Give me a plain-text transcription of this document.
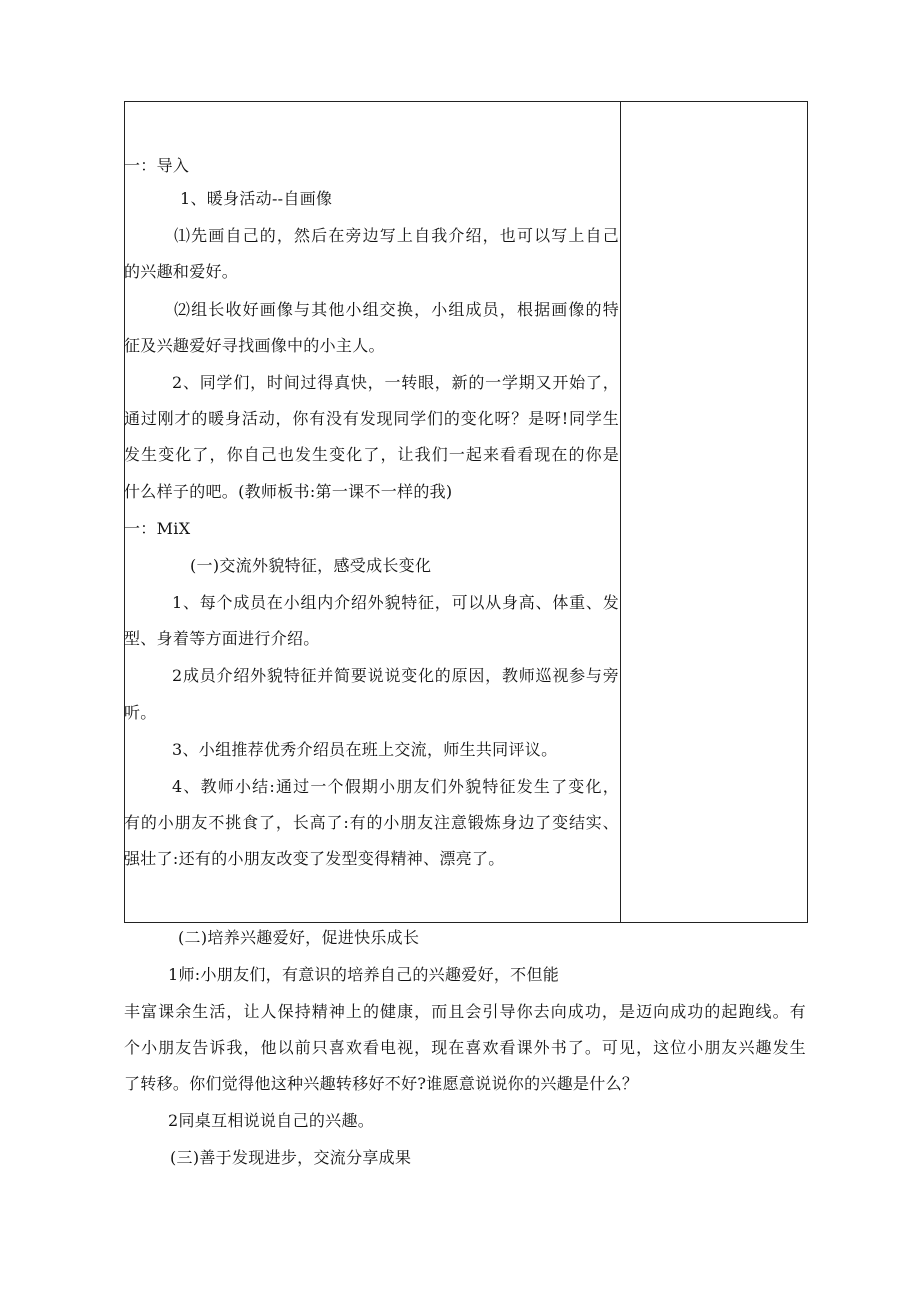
一：导入
1、暖身活动--自画像
⑴先画自己的，然后在旁边写上自我介绍，也可以写上自己
的兴趣和爱好。
⑵组长收好画像与其他小组交换，小组成员，根据画像的特
征及兴趣爱好寻找画像中的小主人。
2、同学们，时间过得真快，一转眼，新的一学期又开始了，
通过刚才的暖身活动，你有没有发现同学们的变化呀？是呀!同学生
发生变化了，你自己也发生变化了，让我们一起来看看现在的你是
什么样子的吧。(教师板书:第一课不一样的我)
一：MiX
(一)交流外貌特征，感受成长变化
1、每个成员在小组内介绍外貌特征，可以从身高、体重、发
型、身着等方面进行介绍。
2成员介绍外貌特征并简要说说变化的原因，教师巡视参与旁
听。
3、小组推荐优秀介绍员在班上交流，师生共同评议。
4、教师小结:通过一个假期小朋友们外貌特征发生了变化，
有的小朋友不挑食了，长高了:有的小朋友注意锻炼身边了变结实、
强壮了:还有的小朋友改变了发型变得精神、漂亮了。
(二)培养兴趣爱好，促进快乐成长
1师:小朋友们，有意识的培养自己的兴趣爱好，不但能
丰富课余生活，让人保持精神上的健康，而且会引导你去向成功，是迈向成功的起跑线。有
个小朋友告诉我，他以前只喜欢看电视，现在喜欢看课外书了。可见，这位小朋友兴趣发生
了转移。你们觉得他这种兴趣转移好不好?谁愿意说说你的兴趣是什么？
2同桌互相说说自己的兴趣。
(三)善于发现进步，交流分享成果
